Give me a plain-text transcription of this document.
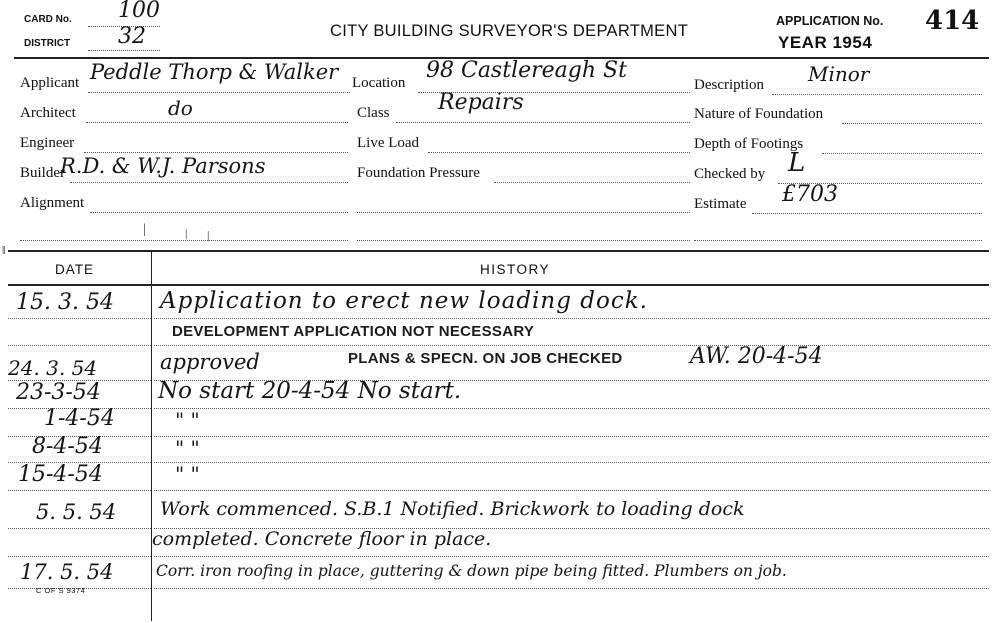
CARD No. 100
DISTRICT 32	CITY BUILDING SURVEYOR'S DEPARTMENT
APPLICATION No. 414
YEAR 1954
Applicant Peddle Thorp & Walker
Architect	do
Engineer
Builder
R.D. & W.J. Parsons
Alignment
|	| |
Location 98 Castlereagh St
Class Repairs
Live Load
Foundation Pressure
Description Minor
Nature of Foundation
Depth of Footings
Checked by L
Estimate £703
‖
DATE	HISTORY
15. 3. 54 Application to erect new loading dock.
DEVELOPMENT APPLICATION NOT NECESSARY
24. 3. 54	approved	PLANS & SPECN. ON JOB CHECKED	AW. 20-4-54
23-3-54 No start 20-4-54 No start.
1-4-54	" "
8-4-54	" "
15-4-54	" "
5. 5. 54 Work commenced. S.B.1 Notified. Brickwork to loading dock
completed. Concrete floor in place.
17. 5. 54	Corr. iron roofing in place, guttering & down pipe being fitted. Plumbers on job.
C OF S 9374
